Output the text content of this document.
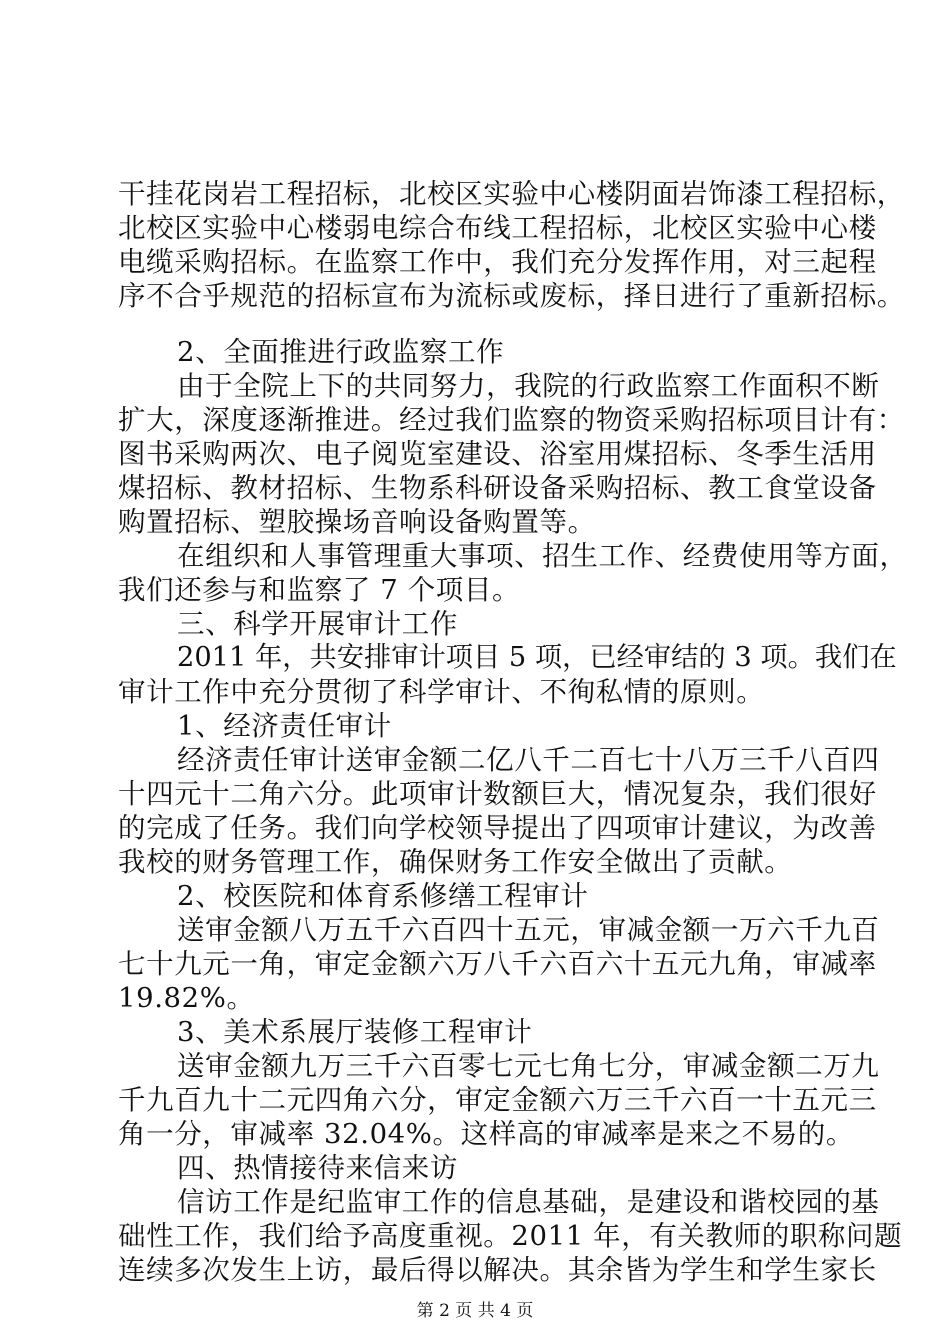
干挂花岗岩工程招标，北校区实验中心楼阴面岩饰漆工程招标，
北校区实验中心楼弱电综合布线工程招标，北校区实验中心楼
电缆采购招标。在监察工作中，我们充分发挥作用，对三起程
序不合乎规范的招标宣布为流标或废标，择日进行了重新招标。
2、全面推进行政监察工作
由于全院上下的共同努力，我院的行政监察工作面积不断
扩大，深度逐渐推进。经过我们监察的物资采购招标项目计有：
图书采购两次、电子阅览室建设、浴室用煤招标、冬季生活用
煤招标、教材招标、生物系科研设备采购招标、教工食堂设备
购置招标、塑胶操场音响设备购置等。
在组织和人事管理重大事项、招生工作、经费使用等方面，
我们还参与和监察了 7 个项目。
三、科学开展审计工作
2011 年，共安排审计项目 5 项，已经审结的 3 项。我们在
审计工作中充分贯彻了科学审计、不徇私情的原则。
1、经济责任审计
经济责任审计送审金额二亿八千二百七十八万三千八百四
十四元十二角六分。此项审计数额巨大，情况复杂，我们很好
的完成了任务。我们向学校领导提出了四项审计建议，为改善
我校的财务管理工作，确保财务工作安全做出了贡献。
2、校医院和体育系修缮工程审计
送审金额八万五千六百四十五元，审减金额一万六千九百
七十九元一角，审定金额六万八千六百六十五元九角，审减率
19.82%。
3、美术系展厅装修工程审计
送审金额九万三千六百零七元七角七分，审减金额二万九
千九百九十二元四角六分，审定金额六万三千六百一十五元三
角一分，审减率 32.04%。这样高的审减率是来之不易的。
四、热情接待来信来访
信访工作是纪监审工作的信息基础，是建设和谐校园的基
础性工作，我们给予高度重视。2011 年，有关教师的职称问题
连续多次发生上访，最后得以解决。其余皆为学生和学生家长
第 2 页 共 4 页
